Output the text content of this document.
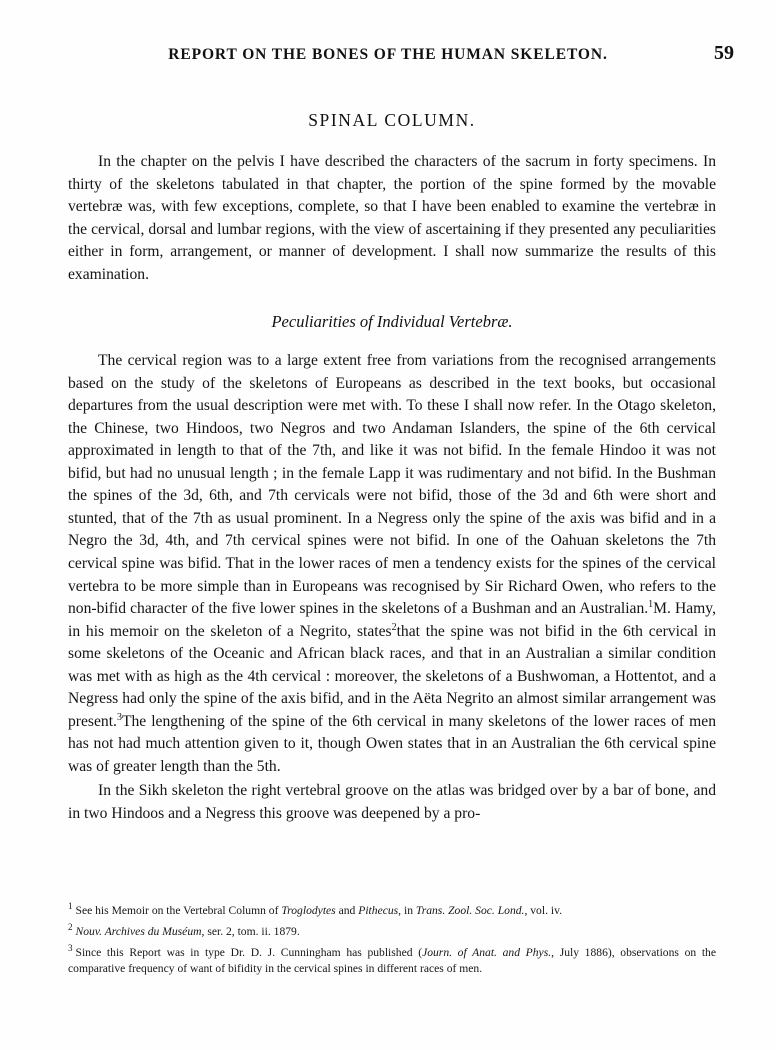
REPORT ON THE BONES OF THE HUMAN SKELETON.	59
SPINAL COLUMN.

In the chapter on the pelvis I have described the characters of the sacrum in forty specimens. In thirty of the skeletons tabulated in that chapter, the portion of the spine formed by the movable vertebræ was, with few exceptions, complete, so that I have been enabled to examine the vertebræ in the cervical, dorsal and lumbar regions, with the view of ascertaining if they presented any peculiarities either in form, arrangement, or manner of development. I shall now summarize the results of this examination.

Peculiarities of Individual Vertebræ.

The cervical region was to a large extent free from variations from the recognised arrangements based on the study of the skeletons of Europeans as described in the text books, but occasional departures from the usual description were met with. To these I shall now refer. In the Otago skeleton, the Chinese, two Hindoos, two Negros and two Andaman Islanders, the spine of the 6th cervical approximated in length to that of the 7th, and like it was not bifid. In the female Hindoo it was not bifid, but had no unusual length ; in the female Lapp it was rudimentary and not bifid. In the Bushman the spines of the 3d, 6th, and 7th cervicals were not bifid, those of the 3d and 6th were short and stunted, that of the 7th as usual prominent. In a Negress only the spine of the axis was bifid and in a Negro the 3d, 4th, and 7th cervical spines were not bifid. In one of the Oahuan skeletons the 7th cervical spine was bifid. That in the lower races of men a tendency exists for the spines of the cervical vertebra to be more simple than in Europeans was recognised by Sir Richard Owen, who refers to the non-bifid character of the five lower spines in the skeletons of a Bushman and an Australian.$^1$M. Hamy, in his memoir on the skeleton of a Negrito, states$^2$that the spine was not bifid in the 6th cervical in some skeletons of the Oceanic and African black races, and that in an Australian a similar condition was met with as high as the 4th cervical : moreover, the skeletons of a Bushwoman, a Hottentot, and a Negress had only the spine of the axis bifid, and in the Aëta Negrito an almost similar arrangement was present.$^3$The lengthening of the spine of the 6th cervical in many skeletons of the lower races of men has not had much attention given to it, though Owen states that in an Australian the 6th cervical spine was of greater length than the 5th.

In the Sikh skeleton the right vertebral groove on the atlas was bridged over by a bar of bone, and in two Hindoos and a Negress this groove was deepened by a pro-

$^1$ See his Memoir on the Vertebral Column of Troglodytes and Pithecus, in Trans. Zool. Soc. Lond., vol. iv.

$^2$ Nouv. Archives du Muséum, ser. 2, tom. ii. 1879.

$^3$ Since this Report was in type Dr. D. J. Cunningham has published (Journ. of Anat. and Phys., July 1886), observations on the comparative frequency of want of bifidity in the cervical spines in different races of men.
